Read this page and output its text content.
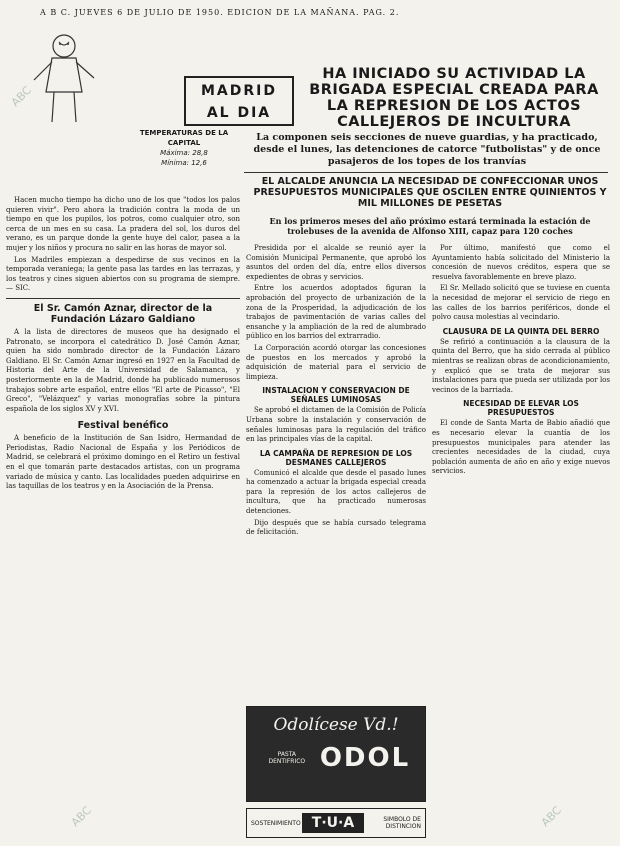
A B C. JUEVES 6 DE JULIO DE 1950. EDICION DE LA MAÑANA. PAG. 2.
MADRID
AL DIA
HA INICIADO SU ACTIVIDAD LA BRIGADA ESPECIAL CREADA PARA LA REPRESION DE LOS ACTOS CALLEJEROS DE INCULTURA
La componen seis secciones de nueve guardias, y ha practicado, desde el lunes, las detenciones de catorce "futbolistas" y de once pasajeros de los topes de los tranvías
TEMPERATURAS DE LA CAPITAL
Máxima: 28,8
Mínima: 12,6

Hacen mucho tiempo ha dicho uno de los que "todos los palos quieren vivir". Pero ahora la tradición contra la moda de un tiempo en que los pupilos, los potros, como cualquier otro, son cerca de un mes en su casa. La pradera del sol, los duros del verano, es un parque donde la gente huye del calor, pasea a la mujer y los niños y procura no salir en las horas de mayor sol.

Los Madriles empiezan a despedirse de sus vecinos en la temporada veraniega; la gente pasa las tardes en las terrazas, y los teatros y cines siguen abiertos con su programa de siempre. — SIC.

El Sr. Camón Aznar, director de la Fundación Lázaro Galdiano

A la lista de directores de museos que ha designado el Patronato, se incorpora el catedrático D. José Camón Aznar, quien ha sido nombrado director de la Fundación Lázaro Galdiano. El Sr. Camón Aznar ingresó en 1927 en la Facultad de Historia del Arte de la Universidad de Salamanca, y posteriormente en la de Madrid, donde ha publicado numerosos trabajos sobre arte español, entre ellos "El arte de Picasso", "El Greco", "Velázquez" y varias monografías sobre la pintura española de los siglos XV y XVI.

Festival benéfico

A beneficio de la Institución de San Isidro, Hermandad de Periodistas, Radio Nacional de España y los Periódicos de Madrid, se celebrará el próximo domingo en el Retiro un festival en el que tomarán parte destacados artistas, con un programa variado de música y canto. Las localidades pueden adquirirse en las taquillas de los teatros y en la Asociación de la Prensa.

EL ALCALDE ANUNCIA LA NECESIDAD DE CONFECCIONAR UNOS PRESUPUESTOS MUNICIPALES QUE OSCILEN ENTRE QUINIENTOS Y MIL MILLONES DE PESETAS
En los primeros meses del año próximo estará terminada la estación de trolebuses de la avenida de Alfonso XIII, capaz para 120 coches

Presidida por el alcalde se reunió ayer la Comisión Municipal Permanente, que aprobó los asuntos del orden del día, entre ellos diversos expedientes de obras y servicios.

Entre los acuerdos adoptados figuran la aprobación del proyecto de urbanización de la zona de la Prosperidad, la adjudicación de los trabajos de pavimentación de varias calles del ensanche y la ampliación de la red de alumbrado público en los barrios del extrarradio.

La Corporación acordó otorgar las concesiones de puestos en los mercados y aprobó la adquisición de material para el servicio de limpieza.

INSTALACION Y CONSERVACION DE SEÑALES LUMINOSAS

Se aprobó el dictamen de la Comisión de Policía Urbana sobre la instalación y conservación de señales luminosas para la regulación del tráfico en las principales vías de la capital.

LA CAMPAÑA DE REPRESION DE LOS DESMANES CALLEJEROS

Comunicó el alcalde que desde el pasado lunes ha comenzado a actuar la brigada especial creada para la represión de los actos callejeros de incultura, que ha practicado numerosas detenciones.

Dijo después que se había cursado telegrama de felicitación.

Por último, manifestó que como el Ayuntamiento había solicitado del Ministerio la concesión de nuevos créditos, espera que se resuelva favorablemente en breve plazo.

El Sr. Mellado solicitó que se tuviese en cuenta la necesidad de mejorar el servicio de riego en las calles de los barrios periféricos, donde el polvo causa molestias al vecindario.

CLAUSURA DE LA QUINTA DEL BERRO

Se refirió a continuación a la clausura de la quinta del Berro, que ha sido cerrada al público mientras se realizan obras de acondicionamiento, y explicó que se trata de mejorar sus instalaciones para que pueda ser utilizada por los vecinos de la barriada.

NECESIDAD DE ELEVAR LOS PRESUPUESTOS

El conde de Santa Marta de Babio añadió que es necesario elevar la cuantía de los presupuestos municipales para atender las crecientes necesidades de la ciudad, cuya población aumenta de año en año y exige nuevos servicios.

Odolícese Vd.!
PASTA DENTIFRICO ODOL
SOSTENIMIENTO T·U·A	SIMBOLO DE DISTINCION
ABC
ABC	ABC
